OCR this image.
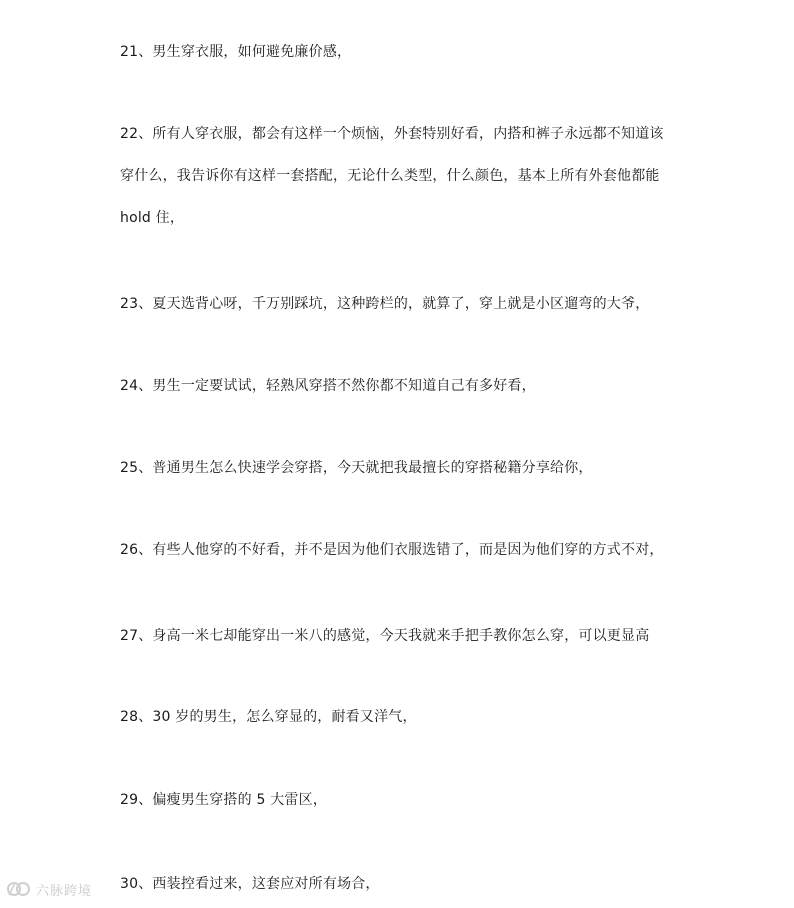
21、男生穿衣服，如何避免廉价感，
22、所有人穿衣服，都会有这样一个烦恼，外套特别好看，内搭和裤子永远都不知道该
穿什么，我告诉你有这样一套搭配，无论什么类型，什么颜色，基本上所有外套他都能
hold 住，
23、夏天选背心呀，千万别踩坑，这种跨栏的，就算了，穿上就是小区遛弯的大爷，
24、男生一定要试试，轻熟风穿搭不然你都不知道自己有多好看，
25、普通男生怎么快速学会穿搭，今天就把我最擅长的穿搭秘籍分享给你，
26、有些人他穿的不好看，并不是因为他们衣服选错了，而是因为他们穿的方式不对，
27、身高一米七却能穿出一米八的感觉，今天我就来手把手教你怎么穿，可以更显高
28、30 岁的男生，怎么穿显的，耐看又洋气，
29、偏瘦男生穿搭的 5 大雷区，
30、西装控看过来，这套应对所有场合，
六脉跨境
